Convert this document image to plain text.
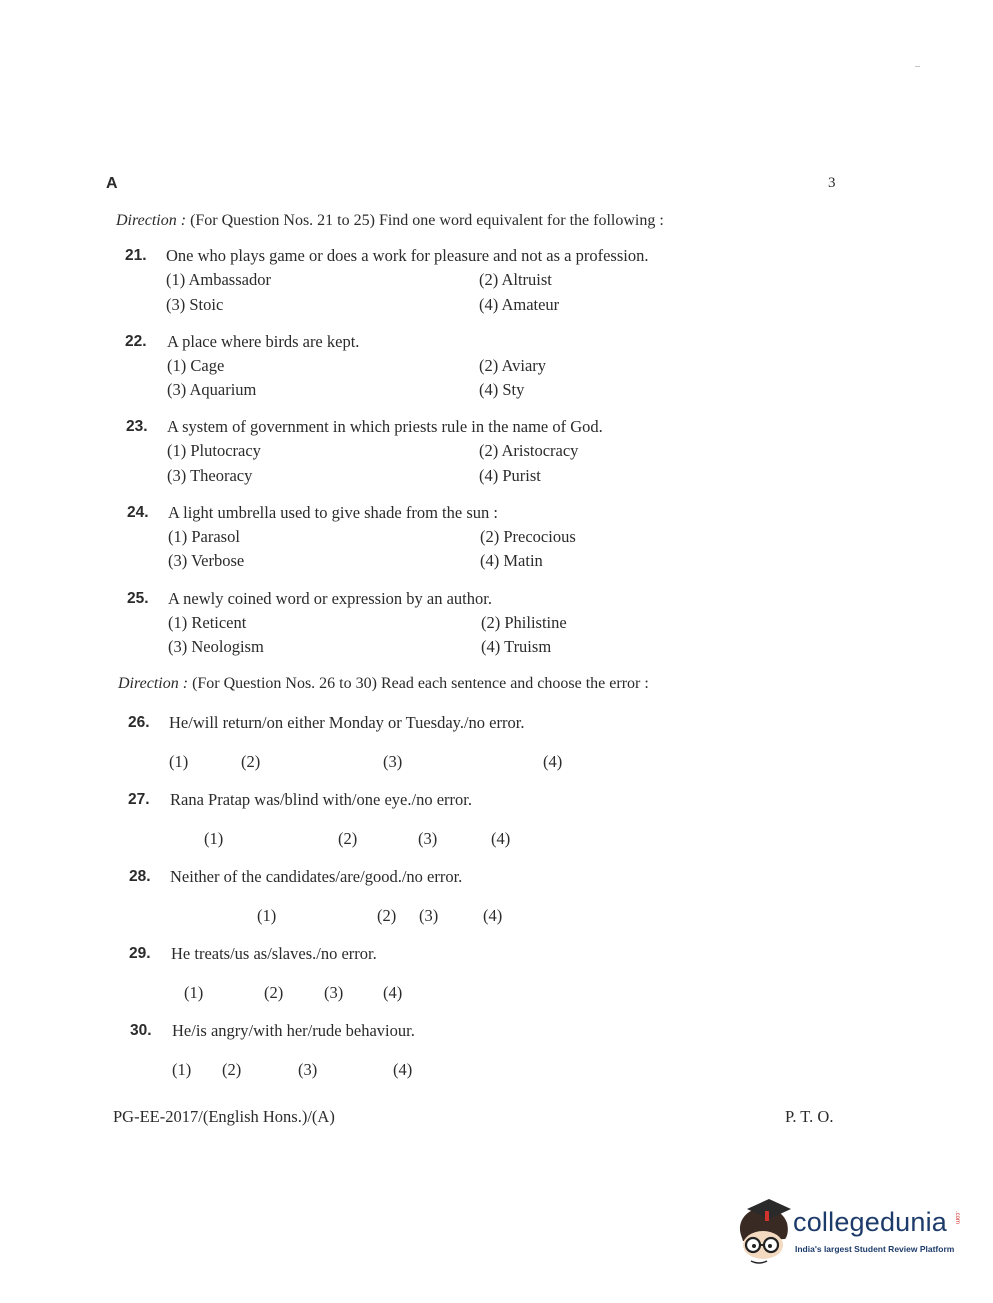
‾
A	3
Direction : (For Question Nos. 21 to 25) Find one word equivalent for the following :
21. One who plays game or does a work for pleasure and not as a profession.
(1) Ambassador	(2) Altruist
(3) Stoic	(4) Amateur
22. A place where birds are kept.
(1) Cage	(2) Aviary
(3) Aquarium	(4) Sty
23. A system of government in which priests rule in the name of God.
(1) Plutocracy	(2) Aristocracy
(3) Theoracy	(4) Purist
24. A light umbrella used to give shade from the sun :
(1) Parasol	(2) Precocious
(3) Verbose	(4) Matin
25. A newly coined word or expression by an author.
(1) Reticent	(2) Philistine
(3) Neologism	(4) Truism
Direction : (For Question Nos. 26 to 30) Read each sentence and choose the error :
26. He/will return/on either Monday or Tuesday./no error.
(1)	(2)	(3)	(4)
27. Rana Pratap was/blind with/one eye./no error.
(1)	(2)	(3)	(4)
28. Neither of the candidates/are/good./no error.
(1)	(2) (3)	(4)
29. He treats/us as/slaves./no error.
(1)	(2) (3) (4)
30. He/is angry/with her/rude behaviour.
(1) (2)	(3)	(4)
PG-EE-2017/(English Hons.)/(A)	P. T. O.
collegedunia .com
India's largest Student Review Platform
